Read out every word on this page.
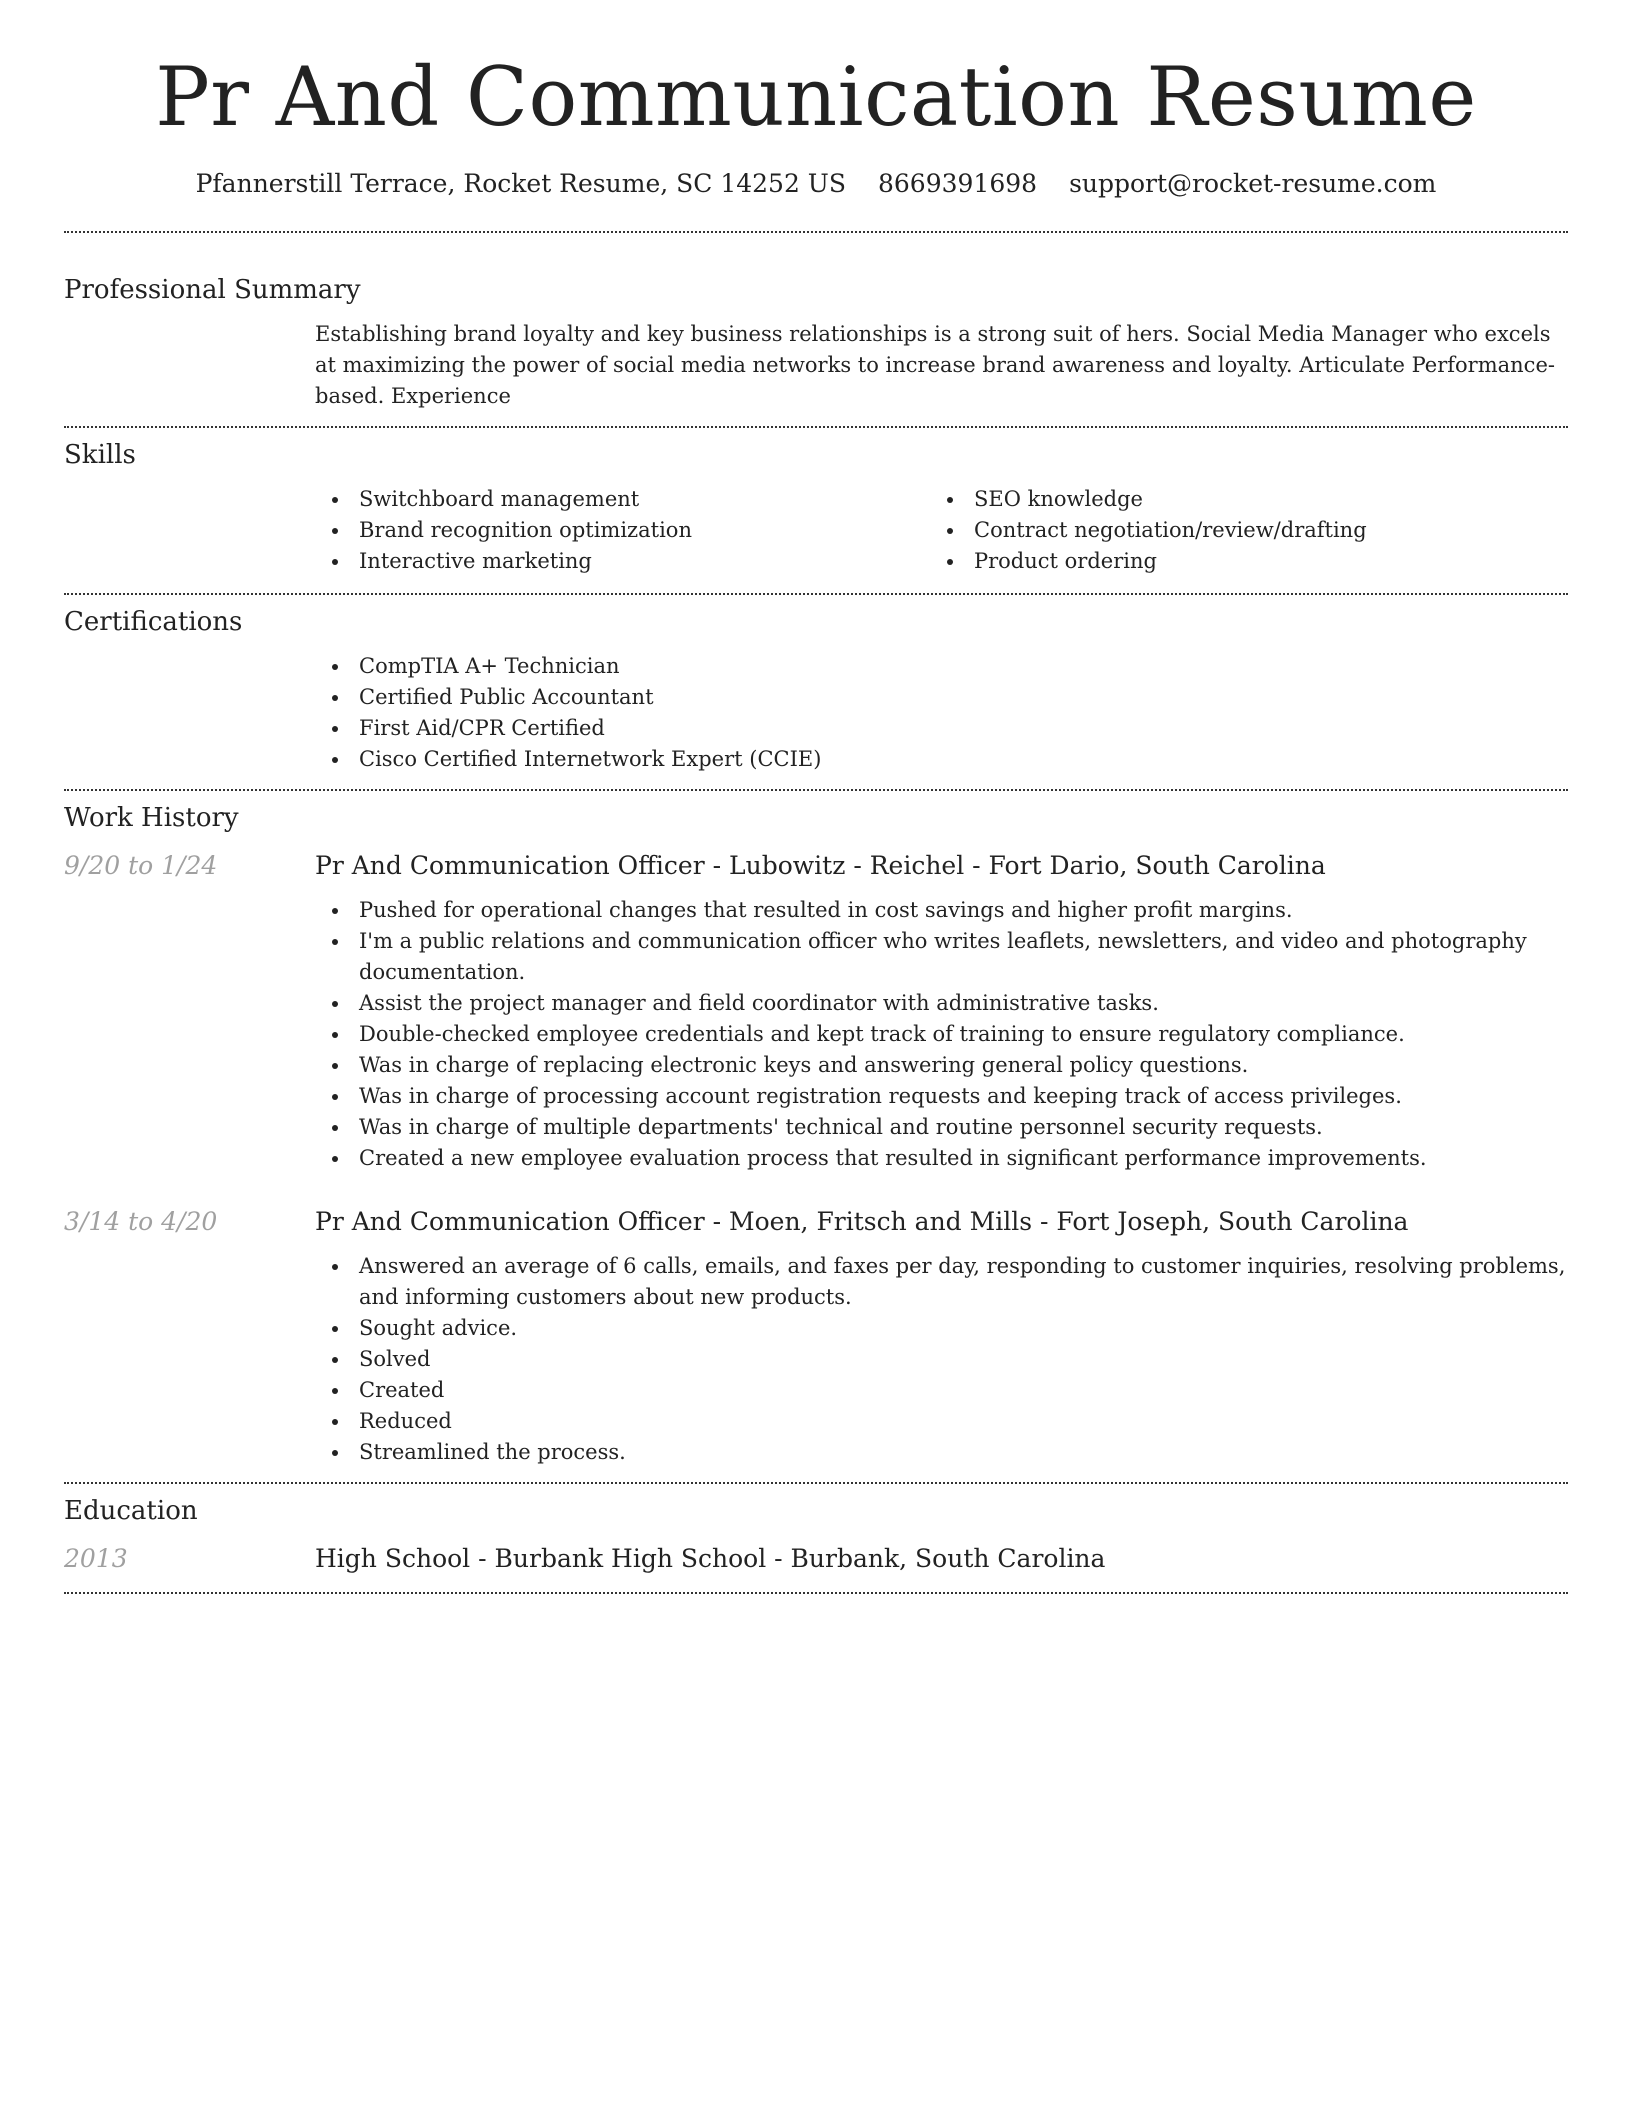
Pr And Communication Resume
Pfannerstill Terrace, Rocket Resume, SC 14252 US 8669391698 support@rocket-resume.com
Professional Summary

Establishing brand loyalty and key business relationships is a strong suit of hers. Social Media Manager who excels at maximizing the power of social media networks to increase brand awareness and loyalty. Articulate Performance-based. Experience

Skills
Switchboard management
Brand recognition optimization
Interactive marketing
SEO knowledge
Contract negotiation/review/drafting
Product ordering
Certifications
CompTIA A+ Technician
Certified Public Accountant
First Aid/CPR Certified
Cisco Certified Internetwork Expert (CCIE)
Work History
9/20 to 1/24	Pr And Communication Officer - Lubowitz - Reichel - Fort Dario, South Carolina
Pushed for operational changes that resulted in cost savings and higher profit margins.
I'm a public relations and communication officer who writes leaflets, newsletters, and video and photography documentation.
Assist the project manager and field coordinator with administrative tasks.
Double-checked employee credentials and kept track of training to ensure regulatory compliance.
Was in charge of replacing electronic keys and answering general policy questions.
Was in charge of processing account registration requests and keeping track of access privileges.
Was in charge of multiple departments' technical and routine personnel security requests.
Created a new employee evaluation process that resulted in significant performance improvements.
3/14 to 4/20	Pr And Communication Officer - Moen, Fritsch and Mills - Fort Joseph, South Carolina
Answered an average of 6 calls, emails, and faxes per day, responding to customer inquiries, resolving problems, and informing customers about new products.
Sought advice.
Solved
Created
Reduced
Streamlined the process.
Education
2013	High School - Burbank High School - Burbank, South Carolina
